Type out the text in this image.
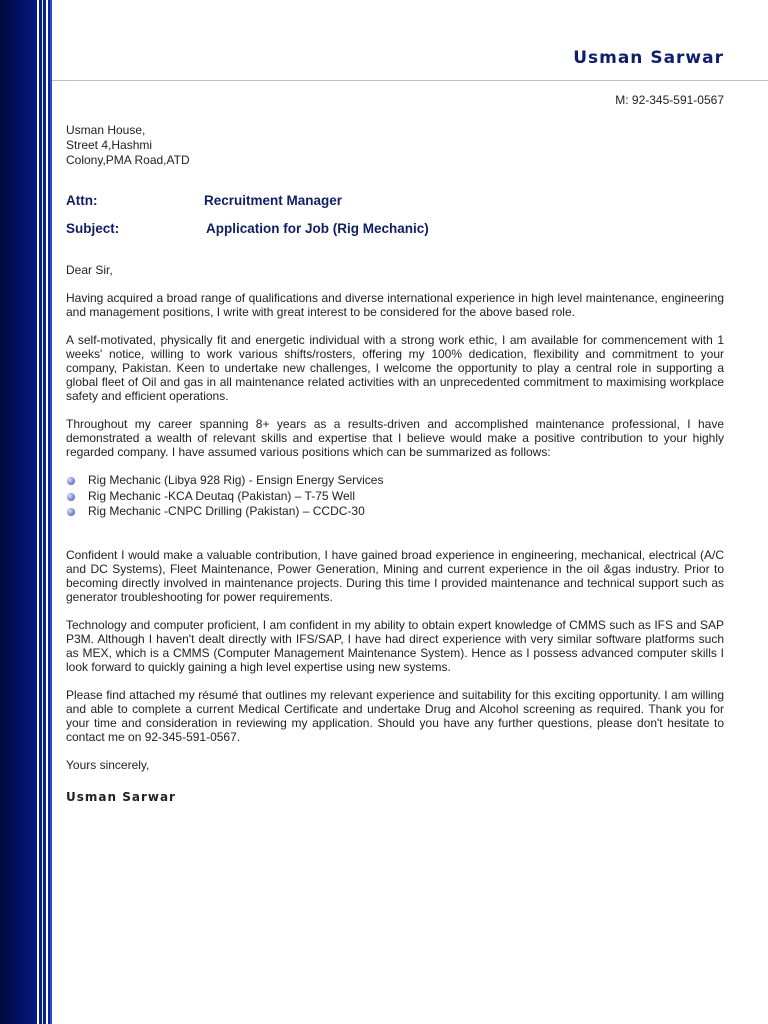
Usman Sarwar
M: 92-345-591-0567
Usman House,
Street 4,Hashmi
Colony,PMA Road,ATD
Attn:	Recruitment Manager
Subject:	Application for Job (Rig Mechanic)
Dear Sir,

Having acquired a broad range of qualifications and diverse international experience in high level maintenance, engineering and management positions, I write with great interest to be considered for the above based role.

A self-motivated, physically fit and energetic individual with a strong work ethic, I am available for commencement with 1 weeks' notice, willing to work various shifts/rosters, offering my 100% dedication, flexibility and commitment to your company, Pakistan. Keen to undertake new challenges, I welcome the opportunity to play a central role in supporting a global fleet of Oil and gas in all maintenance related activities with an unprecedented commitment to maximising workplace safety and efficient operations.

Throughout my career spanning 8+ years as a results-driven and accomplished maintenance professional, I have demonstrated a wealth of relevant skills and expertise that I believe would make a positive contribution to your highly regarded company. I have assumed various positions which can be summarized as follows:

Rig Mechanic (Libya 928 Rig) - Ensign Energy Services
Rig Mechanic -KCA Deutaq (Pakistan) – T-75 Well
Rig Mechanic -CNPC Drilling (Pakistan) – CCDC-30

Confident I would make a valuable contribution, I have gained broad experience in engineering, mechanical, electrical (A/C and DC Systems), Fleet Maintenance, Power Generation, Mining and current experience in the oil &gas industry. Prior to becoming directly involved in maintenance projects. During this time I provided maintenance and technical support such as generator troubleshooting for power requirements.

Technology and computer proficient, I am confident in my ability to obtain expert knowledge of CMMS such as IFS and SAP P3M. Although I haven't dealt directly with IFS/SAP, I have had direct experience with very similar software platforms such as MEX, which is a CMMS (Computer Management Maintenance System). Hence as I possess advanced computer skills I look forward to quickly gaining a high level expertise using new systems.

Please find attached my résumé that outlines my relevant experience and suitability for this exciting opportunity. I am willing and able to complete a current Medical Certificate and undertake Drug and Alcohol screening as required. Thank you for your time and consideration in reviewing my application. Should you have any further questions, please don't hesitate to contact me on 92-345-591-0567.

Yours sincerely,
Usman Sarwar
